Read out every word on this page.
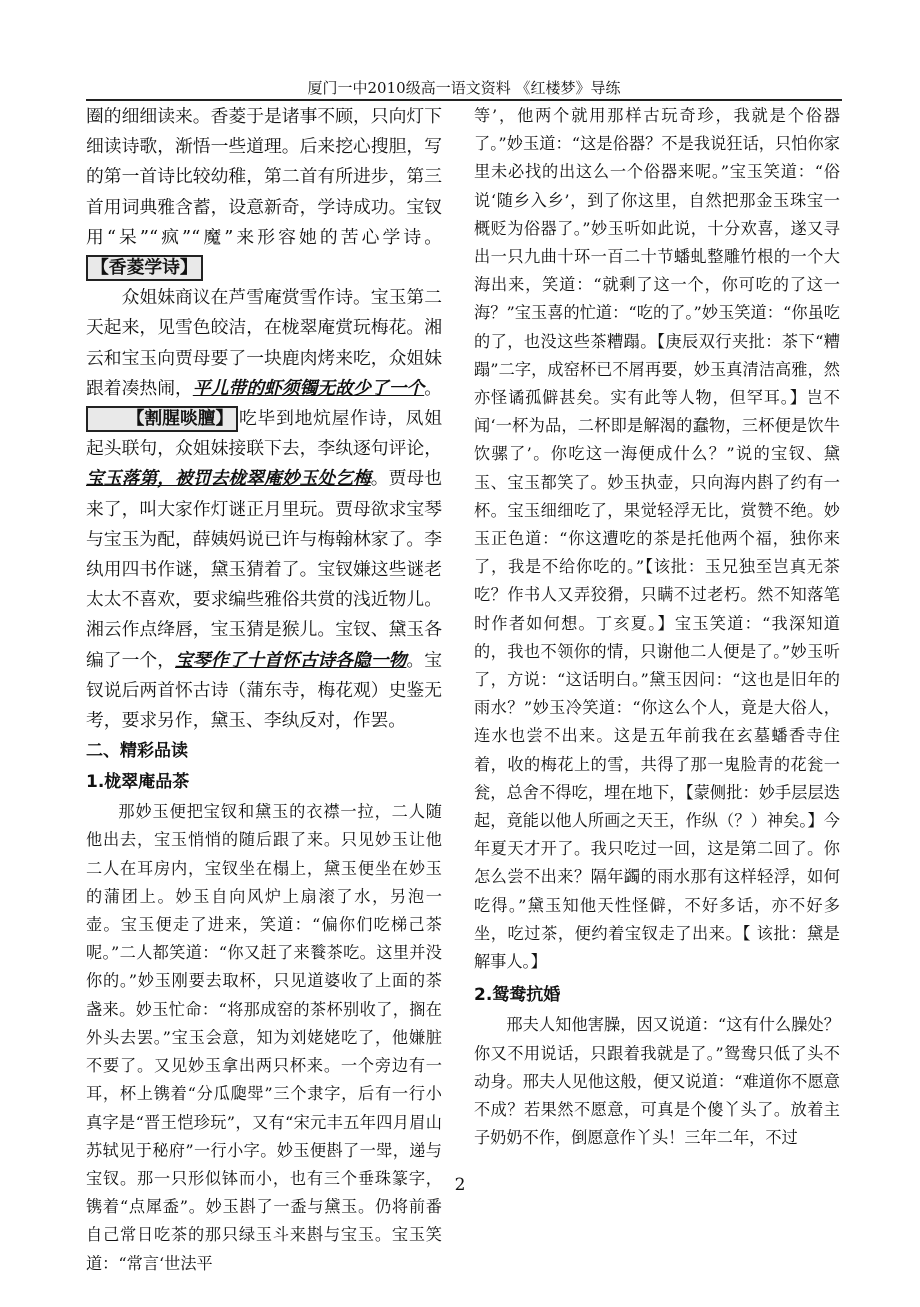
厦门一中2010级高一语文资料 《红楼梦》导练

圈的细细读来。香菱于是诸事不顾，只向灯下细读诗歌，渐悟一些道理。后来挖心搜胆，写的第一首诗比较幼稚，第二首有所进步，第三首用词典雅含蓄，设意新奇，学诗成功。宝钗用“呆”“疯”“魔”来形容她的苦心学诗。【香菱学诗】

众姐妹商议在芦雪庵赏雪作诗。宝玉第二天起来，见雪色皎洁，在栊翠庵赏玩梅花。湘云和宝玉向贾母要了一块鹿肉烤来吃，众姐妹跟着凑热闹，平儿带的虾须镯无故少了一个。【割腥啖膻】 吃毕到地炕屋作诗，凤姐起头联句，众姐妹接联下去，李纨逐句评论，宝玉落第，被罚去栊翠庵妙玉处乞梅。贾母也来了，叫大家作灯谜正月里玩。贾母欲求宝琴与宝玉为配，薛姨妈说已许与梅翰林家了。李纨用四书作谜，黛玉猜着了。宝钗嫌这些谜老太太不喜欢，要求编些雅俗共赏的浅近物儿。湘云作点绛唇，宝玉猜是猴儿。宝钗、黛玉各编了一个，宝琴作了十首怀古诗各隐一物。宝钗说后两首怀古诗（蒲东寺，梅花观）史鉴无考，要求另作，黛玉、李纨反对，作罢。

二、精彩品读

1.栊翠庵品茶

那妙玉便把宝钗和黛玉的衣襟一拉，二人随他出去，宝玉悄悄的随后跟了来。只见妙玉让他二人在耳房内，宝钗坐在榻上，黛玉便坐在妙玉的蒲团上。妙玉自向风炉上扇滚了水，另泡一壶。宝玉便走了进来，笑道：“偏你们吃梯己茶呢。”二人都笑道：“你又赶了来餮茶吃。这里并没你的。”妙玉刚要去取杯，只见道婆收了上面的茶盏来。妙玉忙命：“将那成窑的茶杯别收了，搁在外头去罢。”宝玉会意，知为刘姥姥吃了，他嫌脏不要了。又见妙玉拿出两只杯来。一个旁边有一耳，杯上镌着“分瓜瓟斝”三个隶字，后有一行小真字是“晋王恺珍玩”，又有“宋元丰五年四月眉山苏轼见于秘府”一行小字。妙玉便斟了一斝，递与宝钗。那一只形似钵而小，也有三个垂珠篆字，镌着“点犀盉”。妙玉斟了一盉与黛玉。仍将前番自己常日吃茶的那只绿玉斗来斟与宝玉。宝玉笑道：“常言‘世法平

等’，他两个就用那样古玩奇珍，我就是个俗器了。”妙玉道：“这是俗器？不是我说狂话，只怕你家里未必找的出这么一个俗器来呢。”宝玉笑道：“俗说‘随乡入乡’，到了你这里，自然把那金玉珠宝一概贬为俗器了。”妙玉听如此说，十分欢喜，遂又寻出一只九曲十环一百二十节蟠虬整雕竹根的一个大海出来，笑道：“就剩了这一个，你可吃的了这一海？”宝玉喜的忙道：“吃的了。”妙玉笑道：“你虽吃的了，也没这些茶糟蹋。【庚辰双行夹批：茶下“糟蹋”二字，成窑杯已不屑再要，妙玉真清洁高雅，然亦怪谲孤僻甚矣。实有此等人物，但罕耳。】岂不闻‘一杯为品，二杯即是解渴的蠢物，三杯便是饮牛饮骡了’。你吃这一海便成什么？”说的宝钗、黛玉、宝玉都笑了。妙玉执壶，只向海内斟了约有一杯。宝玉细细吃了，果觉轻浮无比，赏赞不绝。妙玉正色道：“你这遭吃的茶是托他两个福，独你来了，我是不给你吃的。”【该批：玉兄独至岂真无茶吃？作书人又弄狡猾，只瞒不过老朽。然不知落笔时作者如何想。丁亥夏。】宝玉笑道：“我深知道的，我也不领你的情，只谢他二人便是了。”妙玉听了，方说：“这话明白。”黛玉因问：“这也是旧年的雨水？”妙玉冷笑道：“你这么个人，竟是大俗人，连水也尝不出来。这是五年前我在玄墓蟠香寺住着，收的梅花上的雪，共得了那一鬼脸青的花瓮一瓮，总舍不得吃，埋在地下，【蒙侧批：妙手层层迭起，竟能以他人所画之天王，作纵（？）神矣。】今年夏天才开了。我只吃过一回，这是第二回了。你怎么尝不出来？隔年蠲的雨水那有这样轻浮，如何吃得。”黛玉知他天性怪僻，不好多话，亦不好多坐，吃过茶，便约着宝钗走了出来。【 该批：黛是解事人。】

2.鸳鸯抗婚

邢夫人知他害臊，因又说道：“这有什么臊处？你又不用说话，只跟着我就是了。”鸳鸯只低了头不动身。邢夫人见他这般，便又说道：“难道你不愿意不成？若果然不愿意，可真是个傻丫头了。放着主子奶奶不作，倒愿意作丫头！三年二年，不过

2
